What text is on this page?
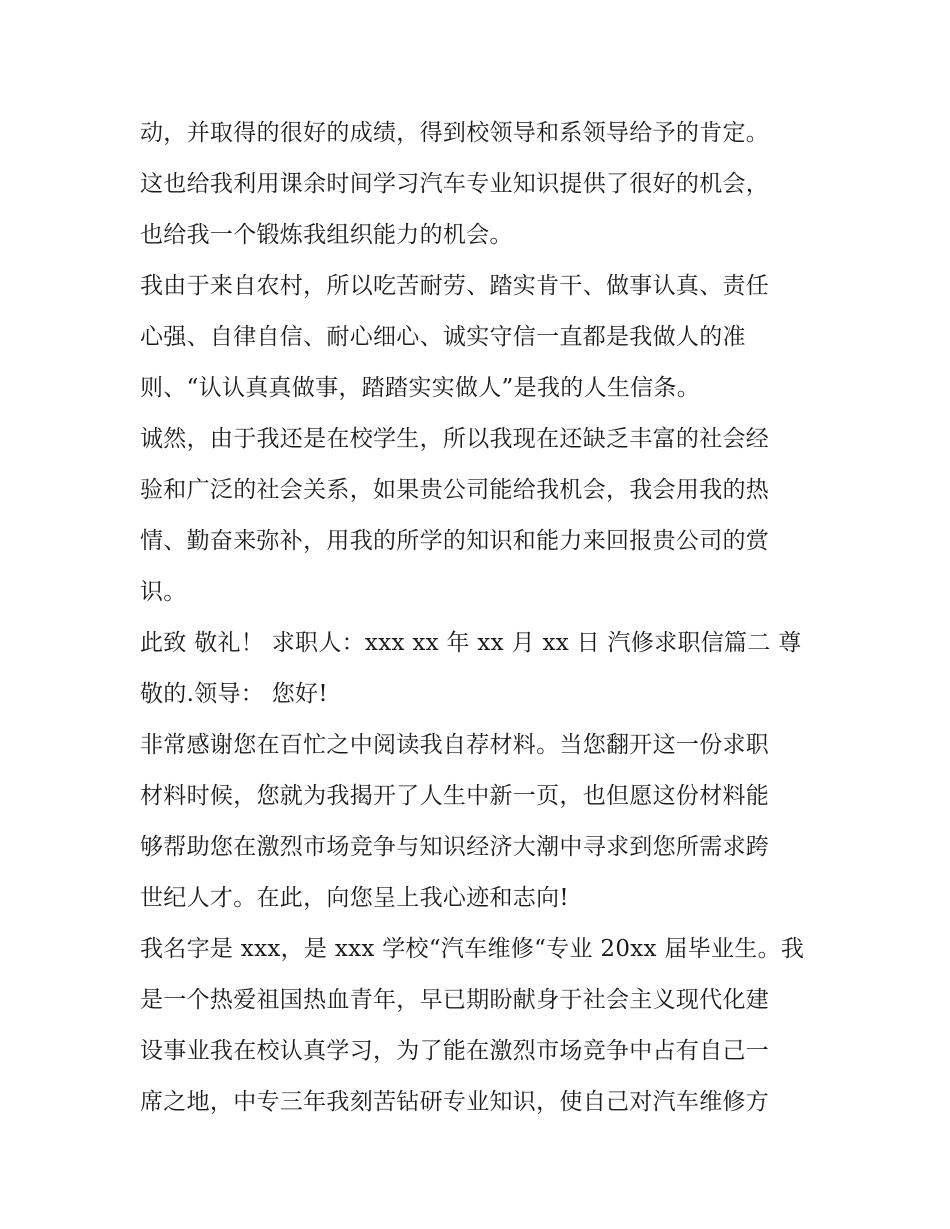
动，并取得的很好的成绩，得到校领导和系领导给予的肯定。
这也给我利用课余时间学习汽车专业知识提供了很好的机会，
也给我一个锻炼我组织能力的机会。
我由于来自农村，所以吃苦耐劳、踏实肯干、做事认真、责任
心强、自律自信、耐心细心、诚实守信一直都是我做人的准
则、“认认真真做事，踏踏实实做人”是我的人生信条。
诚然，由于我还是在校学生，所以我现在还缺乏丰富的社会经
验和广泛的社会关系，如果贵公司能给我机会，我会用我的热
情、勤奋来弥补，用我的所学的知识和能力来回报贵公司的赏
识。
此致 敬礼！ 求职人：xxx xx 年 xx 月 xx 日 汽修求职信篇二 尊
敬的.领导： 您好!
非常感谢您在百忙之中阅读我自荐材料。当您翻开这一份求职
材料时候，您就为我揭开了人生中新一页，也但愿这份材料能
够帮助您在激烈市场竞争与知识经济大潮中寻求到您所需求跨
世纪人才。在此，向您呈上我心迹和志向!
我名字是 xxx，是 xxx 学校“汽车维修“专业 20xx 届毕业生。我
是一个热爱祖国热血青年，早已期盼献身于社会主义现代化建
设事业我在校认真学习，为了能在激烈市场竞争中占有自己一
席之地，中专三年我刻苦钻研专业知识，使自己对汽车维修方
